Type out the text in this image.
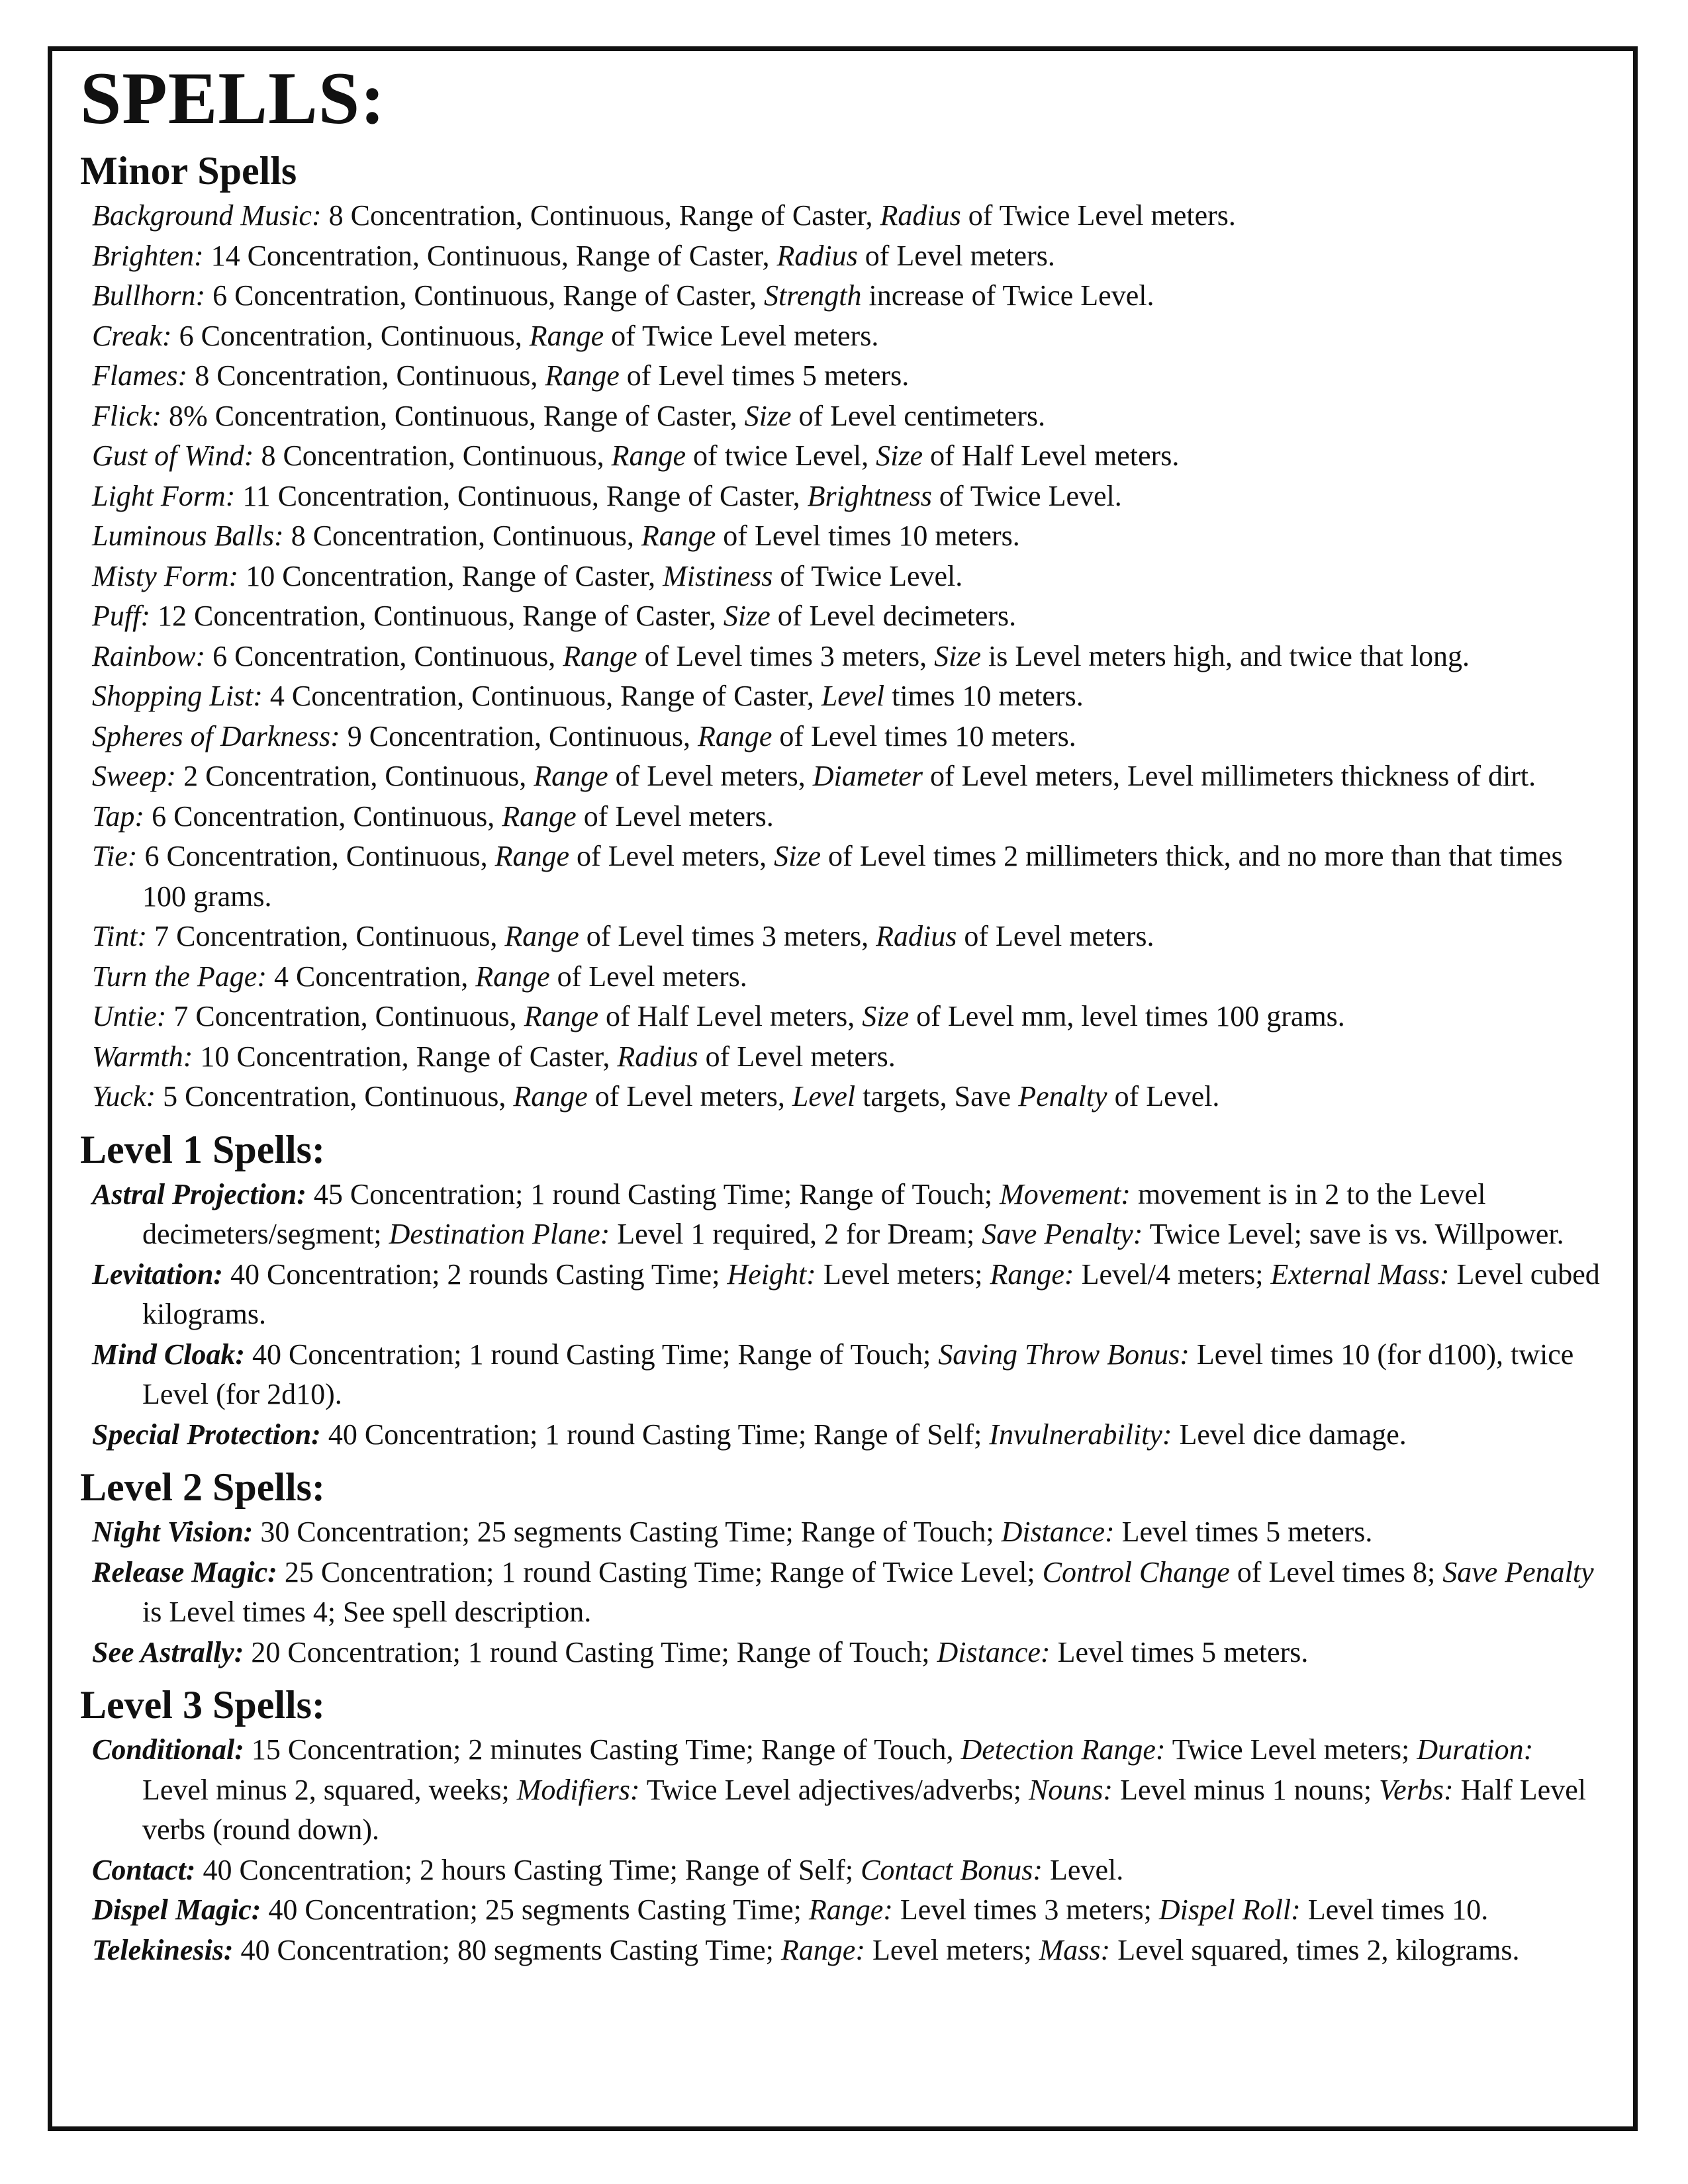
SPELLS:
Minor Spells

Background Music: 8 Concentration, Continuous, Range of Caster, Radius of Twice Level meters.

Brighten: 14 Concentration, Continuous, Range of Caster, Radius of Level meters.

Bullhorn: 6 Concentration, Continuous, Range of Caster, Strength increase of Twice Level.

Creak: 6 Concentration, Continuous, Range of Twice Level meters.

Flames: 8 Concentration, Continuous, Range of Level times 5 meters.

Flick: 8% Concentration, Continuous, Range of Caster, Size of Level centimeters.

Gust of Wind: 8 Concentration, Continuous, Range of twice Level, Size of Half Level meters.

Light Form: 11 Concentration, Continuous, Range of Caster, Brightness of Twice Level.

Luminous Balls: 8 Concentration, Continuous, Range of Level times 10 meters.

Misty Form: 10 Concentration, Range of Caster, Mistiness of Twice Level.

Puff: 12 Concentration, Continuous, Range of Caster, Size of Level decimeters.

Rainbow: 6 Concentration, Continuous, Range of Level times 3 meters, Size is Level meters high, and twice that long.

Shopping List: 4 Concentration, Continuous, Range of Caster, Level times 10 meters.

Spheres of Darkness: 9 Concentration, Continuous, Range of Level times 10 meters.

Sweep: 2 Concentration, Continuous, Range of Level meters, Diameter of Level meters, Level millimeters thickness of dirt.

Tap: 6 Concentration, Continuous, Range of Level meters.

Tie: 6 Concentration, Continuous, Range of Level meters, Size of Level times 2 millimeters thick, and no more than that times 100 grams.

Tint: 7 Concentration, Continuous, Range of Level times 3 meters, Radius of Level meters.

Turn the Page: 4 Concentration, Range of Level meters.

Untie: 7 Concentration, Continuous, Range of Half Level meters, Size of Level mm, level times 100 grams.

Warmth: 10 Concentration, Range of Caster, Radius of Level meters.

Yuck: 5 Concentration, Continuous, Range of Level meters, Level targets, Save Penalty of Level.

Level 1 Spells:

Astral Projection: 45 Concentration; 1 round Casting Time; Range of Touch; Movement: movement is in 2 to the Level decimeters/segment; Destination Plane: Level 1 required, 2 for Dream; Save Penalty: Twice Level; save is vs. Willpower.

Levitation: 40 Concentration; 2 rounds Casting Time; Height: Level meters; Range: Level/4 meters; External Mass: Level cubed kilograms.

Mind Cloak: 40 Concentration; 1 round Casting Time; Range of Touch; Saving Throw Bonus: Level times 10 (for d100), twice Level (for 2d10).

Special Protection: 40 Concentration; 1 round Casting Time; Range of Self; Invulnerability: Level dice damage.

Level 2 Spells:

Night Vision: 30 Concentration; 25 segments Casting Time; Range of Touch; Distance: Level times 5 meters.

Release Magic: 25 Concentration; 1 round Casting Time; Range of Twice Level; Control Change of Level times 8; Save Penalty is Level times 4; See spell description.

See Astrally: 20 Concentration; 1 round Casting Time; Range of Touch; Distance: Level times 5 meters.

Level 3 Spells:

Conditional: 15 Concentration; 2 minutes Casting Time; Range of Touch, Detection Range: Twice Level meters; Duration: Level minus 2, squared, weeks; Modifiers: Twice Level adjectives/adverbs; Nouns: Level minus 1 nouns; Verbs: Half Level verbs (round down).

Contact: 40 Concentration; 2 hours Casting Time; Range of Self; Contact Bonus: Level.

Dispel Magic: 40 Concentration; 25 segments Casting Time; Range: Level times 3 meters; Dispel Roll: Level times 10.

Telekinesis: 40 Concentration; 80 segments Casting Time; Range: Level meters; Mass: Level squared, times 2, kilograms.
